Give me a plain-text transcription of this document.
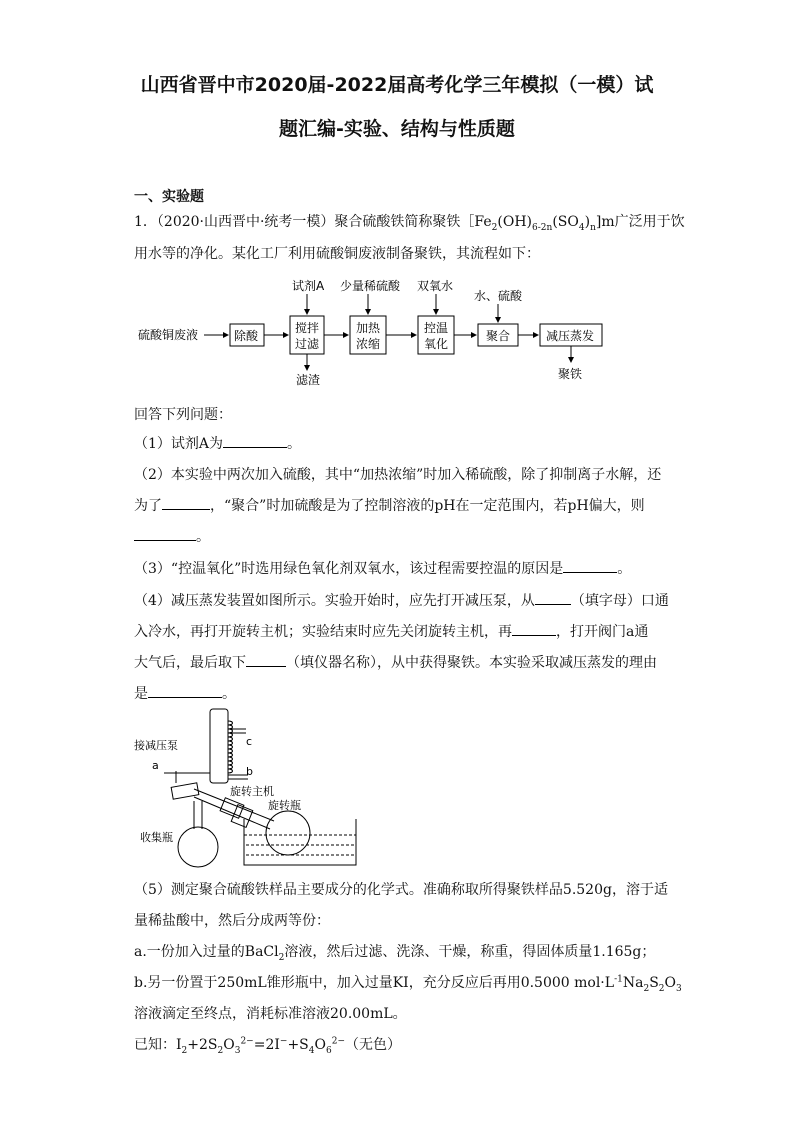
山西省晋中市2020届-2022届高考化学三年模拟（一模）试
题汇编-实验、结构与性质题
一、实验题
1．（2020·山西晋中·统考一模）聚合硫酸铁简称聚铁$[Fe_2(OH)_{6-2n}(SO_4)_n]m$广泛用于饮
用水等的净化。某化工厂利用硫酸铜废液制备聚铁，其流程如下：
硫酸铜废液	除酸
搅拌
过滤
试剂A
滤渣
加热
浓缩
少量稀硫酸
控温
氧化
双氧水
聚合
水、硫酸
减压蒸发
聚铁
回答下列问题：
（1）试剂A为	。
（2）本实验中两次加入硫酸，其中“加热浓缩”时加入稀硫酸，除了抑制离子水解，还
为了	，“聚合”时加硫酸是为了控制溶液的pH在一定范围内，若pH偏大，则
。
（3）“控温氧化”时选用绿色氧化剂双氧水，该过程需要控温的原因是	。
（4）减压蒸发装置如图所示。实验开始时，应先打开减压泵，从	（填字母）口通
入冷水，再打开旋转主机；实验结束时应先关闭旋转主机，再	，打开阀门a通
大气后，最后取下	（填仪器名称），从中获得聚铁。本实验采取减压蒸发的理由
是	。
接减压泵
a	b
c
旋转主机
旋转瓶
收集瓶
（5）测定聚合硫酸铁样品主要成分的化学式。准确称取所得聚铁样品5.520g，溶于适
量稀盐酸中，然后分成两等份：
a.一份加入过量的BaCl$_2$溶液，然后过滤、洗涤、干燥，称重，得固体质量1.165g；
b.另一份置于250mL锥形瓶中，加入过量KI，充分反应后再用0.5000 $mol\cdot L^{-1}Na_2S_2O_3$
溶液滴定至终点，消耗标准溶液20.00mL。
已知：$I_2+2S_2O_3^{2-}=2I^-+S_4O_6^{2-}$（无色）
